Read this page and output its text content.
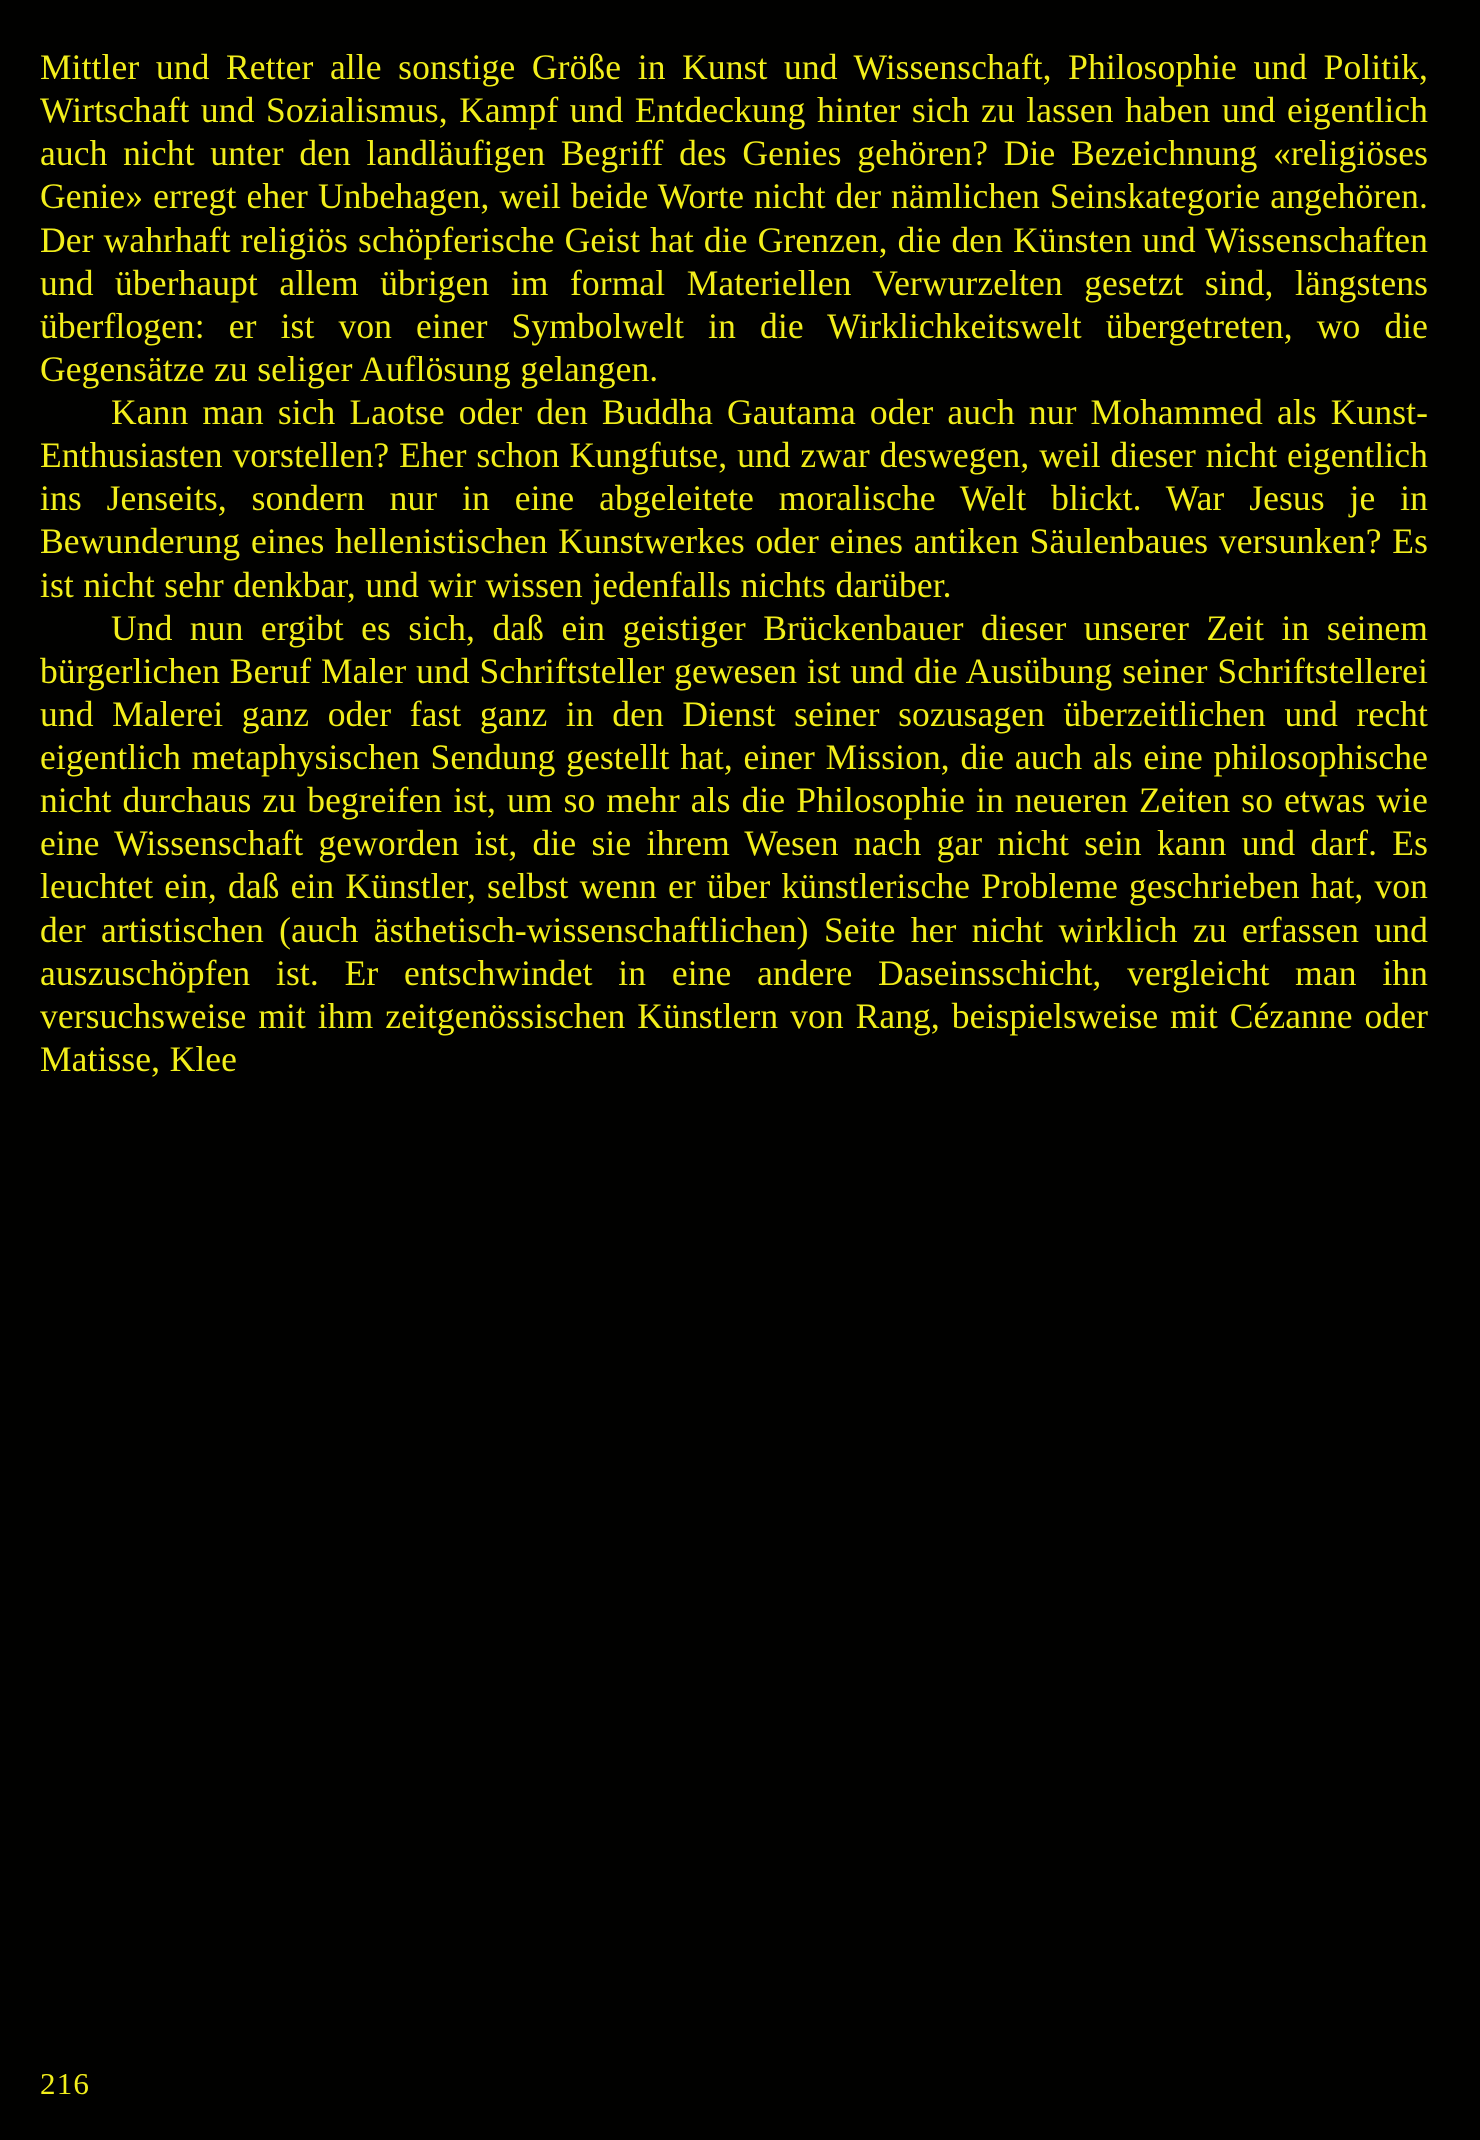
Mittler und Retter alle sonstige Größe in Kunst und Wissenschaft, Philosophie und Politik, Wirtschaft und Sozialismus, Kampf und Entdeckung hinter sich zu lassen haben und eigentlich auch nicht unter den landläufigen Begriff des Genies gehören? Die Bezeichnung «religiöses Genie» erregt eher Unbehagen, weil beide Worte nicht der nämlichen Seinskategorie angehören. Der wahrhaft religiös schöpferische Geist hat die Grenzen, die den Künsten und Wissenschaften und überhaupt allem übrigen im formal Materiellen Verwurzelten gesetzt sind, längstens überflogen: er ist von einer Symbolwelt in die Wirklichkeitswelt übergetreten, wo die Gegensätze zu seliger Auflösung gelangen.

Kann man sich Laotse oder den Buddha Gautama oder auch nur Mohammed als Kunst-Enthusiasten vorstellen? Eher schon Kungfutse, und zwar deswegen, weil dieser nicht eigentlich ins Jenseits, sondern nur in eine abgeleitete moralische Welt blickt. War Jesus je in Bewunderung eines hellenistischen Kunstwerkes oder eines antiken Säulenbaues versunken? Es ist nicht sehr denkbar, und wir wissen jedenfalls nichts darüber.

Und nun ergibt es sich, daß ein geistiger Brückenbauer dieser unserer Zeit in seinem bürgerlichen Beruf Maler und Schriftsteller gewesen ist und die Ausübung seiner Schriftstellerei und Malerei ganz oder fast ganz in den Dienst seiner sozusagen überzeitlichen und recht eigentlich metaphysischen Sendung gestellt hat, einer Mission, die auch als eine philosophische nicht durchaus zu begreifen ist, um so mehr als die Philosophie in neueren Zeiten so etwas wie eine Wissenschaft geworden ist, die sie ihrem Wesen nach gar nicht sein kann und darf. Es leuchtet ein, daß ein Künstler, selbst wenn er über künstlerische Probleme geschrieben hat, von der artistischen (auch ästhetisch-wissenschaftlichen) Seite her nicht wirklich zu erfassen und auszuschöpfen ist. Er entschwindet in eine andere Daseinsschicht, vergleicht man ihn versuchsweise mit ihm zeitgenössischen Künstlern von Rang, beispielsweise mit Cézanne oder Matisse, Klee

216
